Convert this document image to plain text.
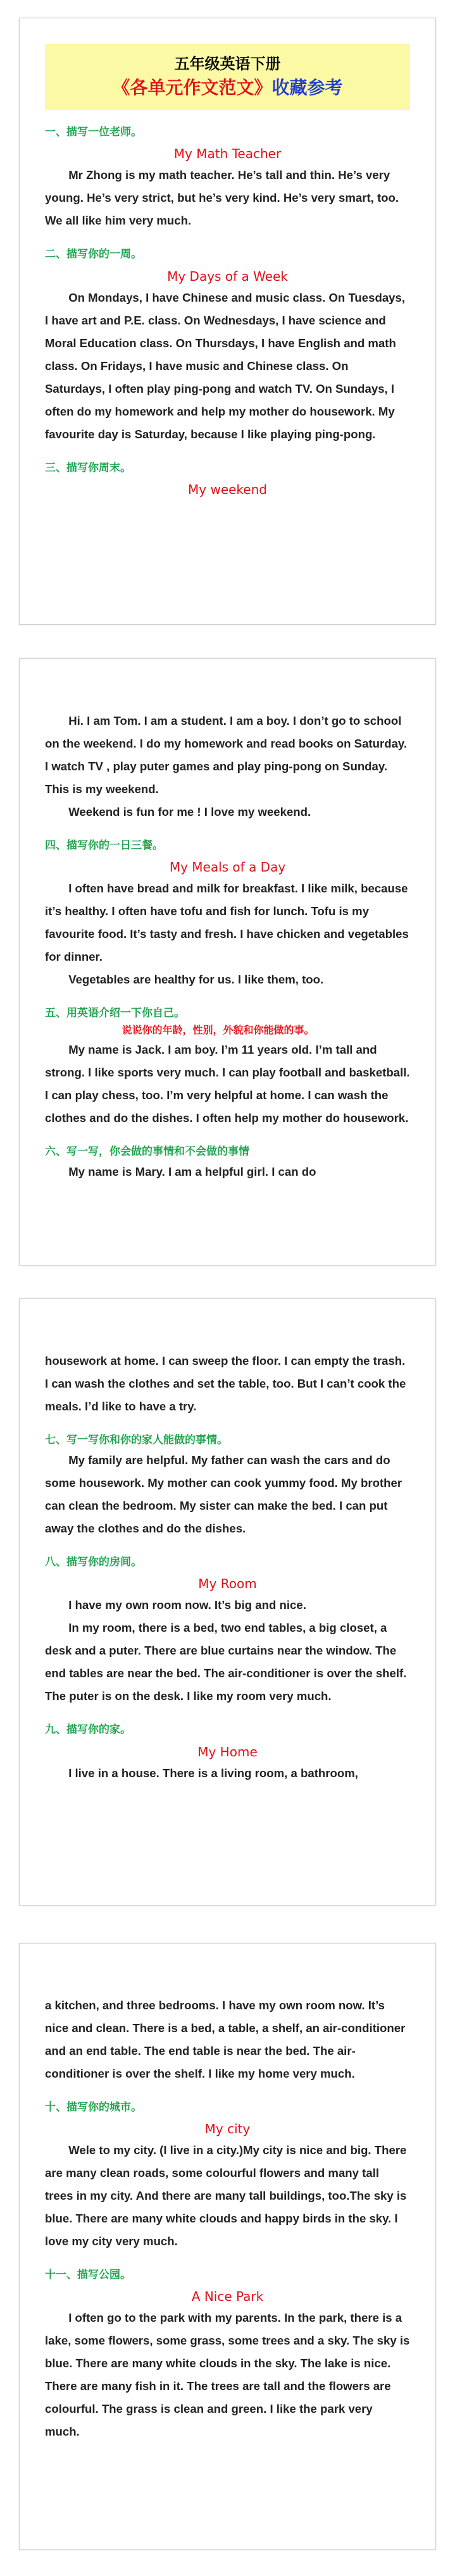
五年级英语下册
《各单元作文范文》收藏参考
一、描写一位老师。
My Math Teacher

Mr Zhong is my math teacher. He’s tall and thin. He’s very young. He’s very strict, but he’s very kind. He’s very smart, too. We all like him very much.

二、描写你的一周。
My Days of a Week

On Mondays, I have Chinese and music class. On Tuesdays, I have art and P.E. class. On Wednesdays, I have science and Moral Education class. On Thursdays, I have English and math class. On Fridays, I have music and Chinese class. On Saturdays, I often play ping-pong and watch TV. On Sundays, I often do my homework and help my mother do housework. My favourite day is Saturday, because I like playing ping-pong.

三、描写你周末。
My weekend

Hi. I am Tom. I am a student. I am a boy. I don’t go to school on the weekend. I do my homework and read books on Saturday. I watch TV , play puter games and play ping-pong on Sunday. This is my weekend.

Weekend is fun for me ! I love my weekend.

四、描写你的一日三餐。
My Meals of a Day

I often have bread and milk for breakfast. I like milk, because it’s healthy. I often have tofu and fish for lunch. Tofu is my favourite food. It’s tasty and fresh. I have chicken and vegetables for dinner.

Vegetables are healthy for us. I like them, too.

五、用英语介绍一下你自己。
说说你的年龄，性别，外貌和你能做的事。

My name is Jack. I am boy. I’m 11 years old. I’m tall and strong. I like sports very much. I can play football and basketball. I can play chess, too. I’m very helpful at home. I can wash the clothes and do the dishes. I often help my mother do housework.

六、写一写，你会做的事情和不会做的事情

My name is Mary. I am a helpful girl. I can do

housework at home. I can sweep the floor. I can empty the trash. I can wash the clothes and set the table, too. But I can’t cook the meals. I’d like to have a try.

七、写一写你和你的家人能做的事情。

My family are helpful. My father can wash the cars and do some housework. My mother can cook yummy food. My brother can clean the bedroom. My sister can make the bed. I can put away the clothes and do the dishes.

八、描写你的房间。
My Room

I have my own room now. It’s big and nice.

In my room, there is a bed, two end tables, a big closet, a desk and a puter. There are blue curtains near the window. The end tables are near the bed. The air-conditioner is over the shelf. The puter is on the desk. I like my room very much.

九、描写你的家。
My Home

I live in a house. There is a living room, a bathroom,

a kitchen, and three bedrooms. I have my own room now. It’s nice and clean. There is a bed, a table, a shelf, an air-conditioner and an end table. The end table is near the bed. The air-conditioner is over the shelf. I like my home very much.

十、描写你的城市。
My city

Wele to my city. (I live in a city.)My city is nice and big. There are many clean roads, some colourful flowers and many tall trees in my city. And there are many tall buildings, too.The sky is blue. There are many white clouds and happy birds in the sky. I love my city very much.

十一、描写公园。
A Nice Park

I often go to the park with my parents. In the park, there is a lake, some flowers, some grass, some trees and a sky. The sky is blue. There are many white clouds in the sky. The lake is nice. There are many fish in it. The trees are tall and the flowers are colourful. The grass is clean and green. I like the park very much.
